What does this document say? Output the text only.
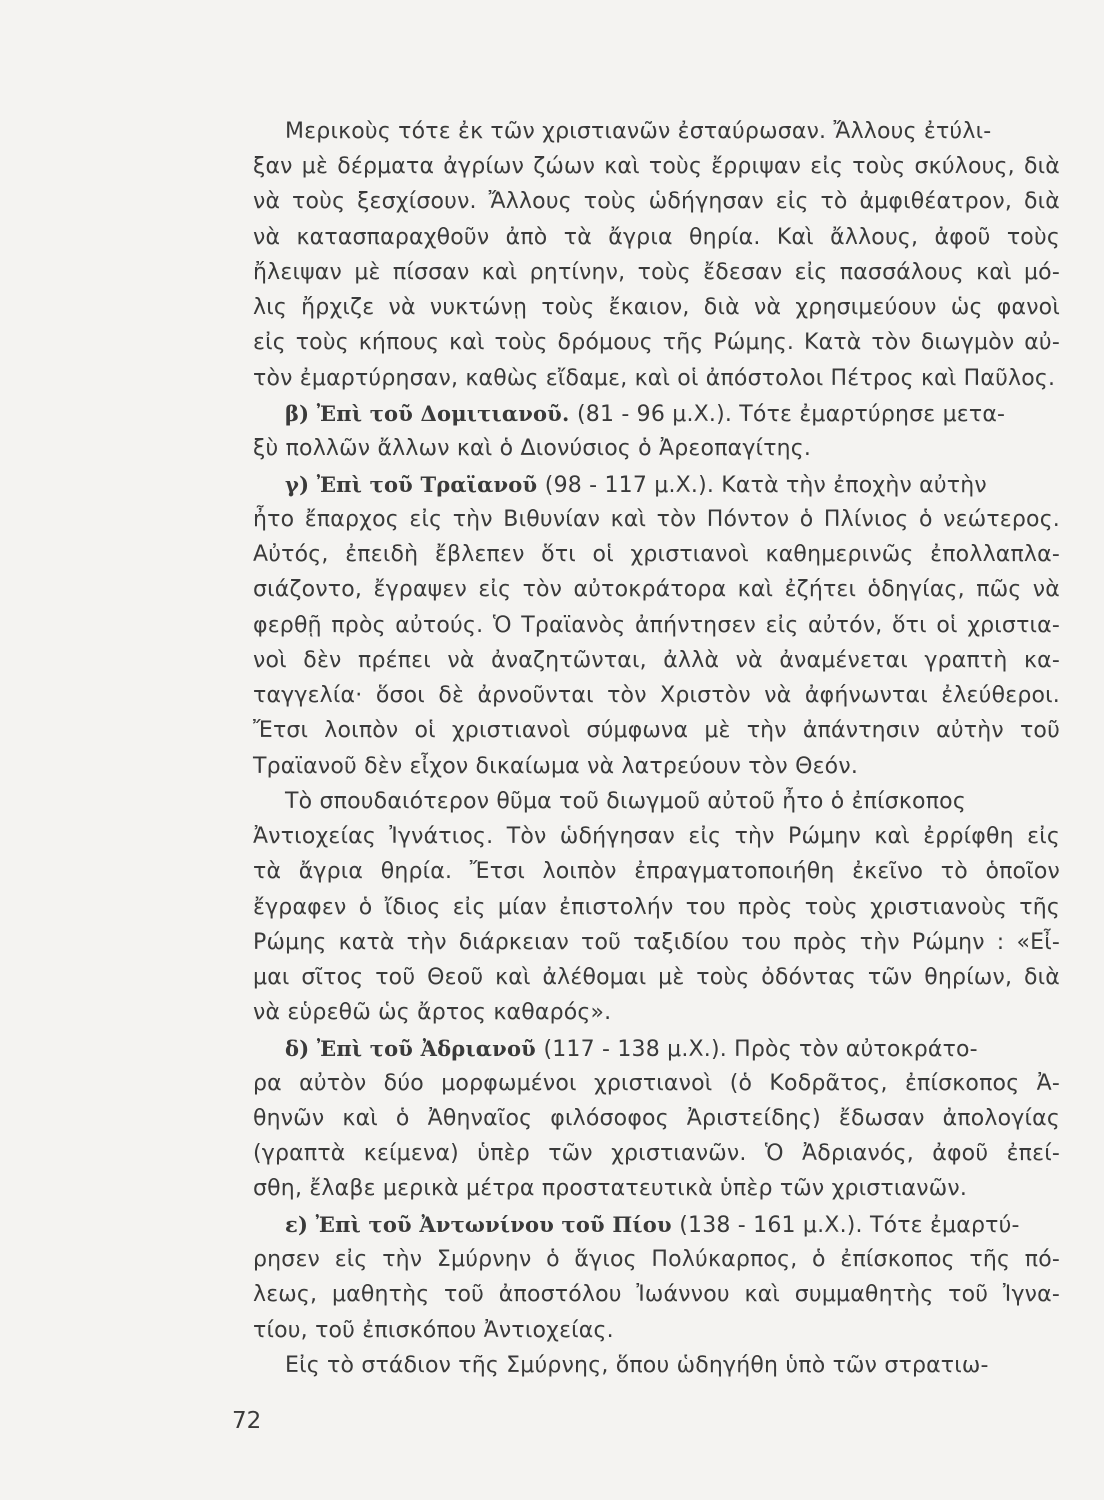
Μερικοὺς τότε ἐκ τῶν χριστιανῶν ἐσταύρωσαν. Ἄλλους ἐτύλι-
ξαν μὲ δέρματα ἀγρίων ζώων καὶ τοὺς ἔρριψαν εἰς τοὺς σκύλους, διὰ
νὰ τοὺς ξεσχίσουν. Ἄλλους τοὺς ὡδήγησαν εἰς τὸ ἀμφιθέατρον, διὰ
νὰ κατασπαραχθοῦν ἀπὸ τὰ ἄγρια θηρία. Καὶ ἄλλους, ἀφοῦ τοὺς
ἤλειψαν μὲ πίσσαν καὶ ρητίνην, τοὺς ἔδεσαν εἰς πασσάλους καὶ μό-
λις ἤρχιζε νὰ νυκτώνῃ τοὺς ἔκαιον, διὰ νὰ χρησιμεύουν ὡς φανοὶ
εἰς τοὺς κήπους καὶ τοὺς δρόμους τῆς Ρώμης. Κατὰ τὸν διωγμὸν αὐ-
τὸν ἐμαρτύρησαν, καθὼς εἴδαμε, καὶ οἱ ἀπόστολοι Πέτρος καὶ Παῦλος.
β) Ἐπὶ τοῦ Δομιτιανοῦ. (81 - 96 μ.Χ.). Τότε ἐμαρτύρησε μετα-
ξὺ πολλῶν ἄλλων καὶ ὁ Διονύσιος ὁ Ἀρεοπαγίτης.
γ) Ἐπὶ τοῦ Τραϊανοῦ (98 - 117 μ.Χ.). Κατὰ τὴν ἐποχὴν αὐτὴν
ἦτο ἔπαρχος εἰς τὴν Βιθυνίαν καὶ τὸν Πόντον ὁ Πλίνιος ὁ νεώτερος.
Αὐτός, ἐπειδὴ ἔβλεπεν ὅτι οἱ χριστιανοὶ καθημερινῶς ἐπολλαπλα-
σιάζοντο, ἔγραψεν εἰς τὸν αὐτοκράτορα καὶ ἐζήτει ὁδηγίας, πῶς νὰ
φερθῇ πρὸς αὐτούς. Ὁ Τραϊανὸς ἀπήντησεν εἰς αὐτόν, ὅτι οἱ χριστια-
νοὶ δὲν πρέπει νὰ ἀναζητῶνται, ἀλλὰ νὰ ἀναμένεται γραπτὴ κα-
ταγγελία· ὅσοι δὲ ἀρνοῦνται τὸν Χριστὸν νὰ ἀφήνωνται ἐλεύθεροι.
Ἔτσι λοιπὸν οἱ χριστιανοὶ σύμφωνα μὲ τὴν ἀπάντησιν αὐτὴν τοῦ
Τραϊανοῦ δὲν εἶχον δικαίωμα νὰ λατρεύουν τὸν Θεόν.
Τὸ σπουδαιότερον θῦμα τοῦ διωγμοῦ αὐτοῦ ἦτο ὁ ἐπίσκοπος
Ἀντιοχείας Ἰγνάτιος. Τὸν ὡδήγησαν εἰς τὴν Ρώμην καὶ ἐρρίφθη εἰς
τὰ ἄγρια θηρία. Ἔτσι λοιπὸν ἐπραγματοποιήθη ἐκεῖνο τὸ ὁποῖον
ἔγραφεν ὁ ἴδιος εἰς μίαν ἐπιστολήν του πρὸς τοὺς χριστιανοὺς τῆς
Ρώμης κατὰ τὴν διάρκειαν τοῦ ταξιδίου του πρὸς τὴν Ρώμην : «Εἶ-
μαι σῖτος τοῦ Θεοῦ καὶ ἀλέθομαι μὲ τοὺς ὀδόντας τῶν θηρίων, διὰ
νὰ εὑρεθῶ ὡς ἄρτος καθαρός».
δ) Ἐπὶ τοῦ Ἀδριανοῦ (117 - 138 μ.Χ.). Πρὸς τὸν αὐτοκράτο-
ρα αὐτὸν δύο μορφωμένοι χριστιανοὶ (ὁ Κοδρᾶτος, ἐπίσκοπος Ἀ-
θηνῶν καὶ ὁ Ἀθηναῖος φιλόσοφος Ἀριστείδης) ἔδωσαν ἀπολογίας
(γραπτὰ κείμενα) ὑπὲρ τῶν χριστιανῶν. Ὁ Ἀδριανός, ἀφοῦ ἐπεί-
σθη, ἔλαβε μερικὰ μέτρα προστατευτικὰ ὑπὲρ τῶν χριστιανῶν.
ε) Ἐπὶ τοῦ Ἀντωνίνου τοῦ Πίου (138 - 161 μ.Χ.). Τότε ἐμαρτύ-
ρησεν εἰς τὴν Σμύρνην ὁ ἅγιος Πολύκαρπος, ὁ ἐπίσκοπος τῆς πό-
λεως, μαθητὴς τοῦ ἀποστόλου Ἰωάννου καὶ συμμαθητὴς τοῦ Ἰγνα-
τίου, τοῦ ἐπισκόπου Ἀντιοχείας.
Εἰς τὸ στάδιον τῆς Σμύρνης, ὅπου ὡδηγήθη ὑπὸ τῶν στρατιω-
72
